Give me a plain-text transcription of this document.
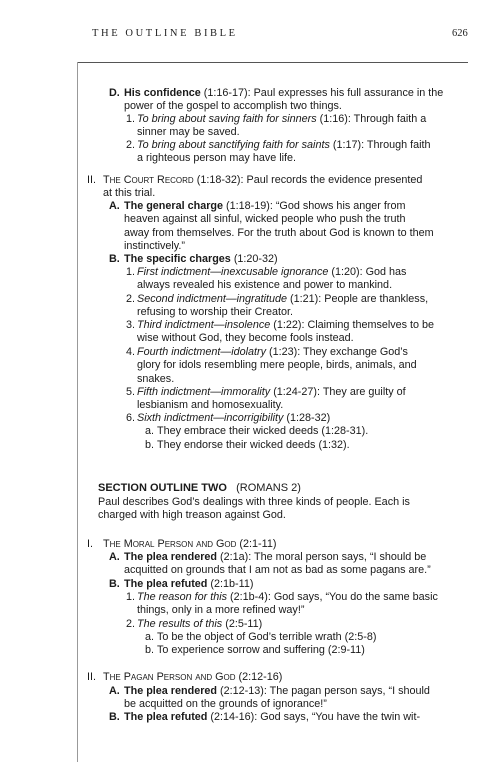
THE OUTLINE BIBLE	626
SECTION OUTLINE TWO (ROMANS 2)
Paul describes God’s dealings with three kinds of people. Each is
charged with high treason against God.
D. His confidence (1:16-17): Paul expresses his full assurance in the
power of the gospel to accomplish two things.
1. To bring about saving faith for sinners (1:16): Through faith a
sinner may be saved.
2. To bring about sanctifying faith for saints (1:17): Through faith
a righteous person may have life.
II. The Court Record (1:18-32): Paul records the evidence presented
at this trial.
A. The general charge (1:18-19): “God shows his anger from
heaven against all sinful, wicked people who push the truth
away from themselves. For the truth about God is known to them
instinctively.”
B. The specific charges (1:20-32)
1. First indictment—inexcusable ignorance (1:20): God has
always revealed his existence and power to mankind.
2. Second indictment—ingratitude (1:21): People are thankless,
refusing to worship their Creator.
3. Third indictment—insolence (1:22): Claiming themselves to be
wise without God, they become fools instead.
4. Fourth indictment—idolatry (1:23): They exchange God’s
glory for idols resembling mere people, birds, animals, and
snakes.
5. Fifth indictment—immorality (1:24-27): They are guilty of
lesbianism and homosexuality.
6. Sixth indictment—incorrigibility (1:28-32)
a. They embrace their wicked deeds (1:28-31).
b. They endorse their wicked deeds (1:32).
I. The Moral Person and God (2:1-11)
A. The plea rendered (2:1a): The moral person says, “I should be
acquitted on grounds that I am not as bad as some pagans are.”
B. The plea refuted (2:1b-11)
1. The reason for this (2:1b-4): God says, “You do the same basic
things, only in a more refined way!”
2. The results of this (2:5-11)
a. To be the object of God’s terrible wrath (2:5-8)
b. To experience sorrow and suffering (2:9-11)
II. The Pagan Person and God (2:12-16)
A. The plea rendered (2:12-13): The pagan person says, “I should
be acquitted on the grounds of ignorance!”
B. The plea refuted (2:14-16): God says, “You have the twin wit-
